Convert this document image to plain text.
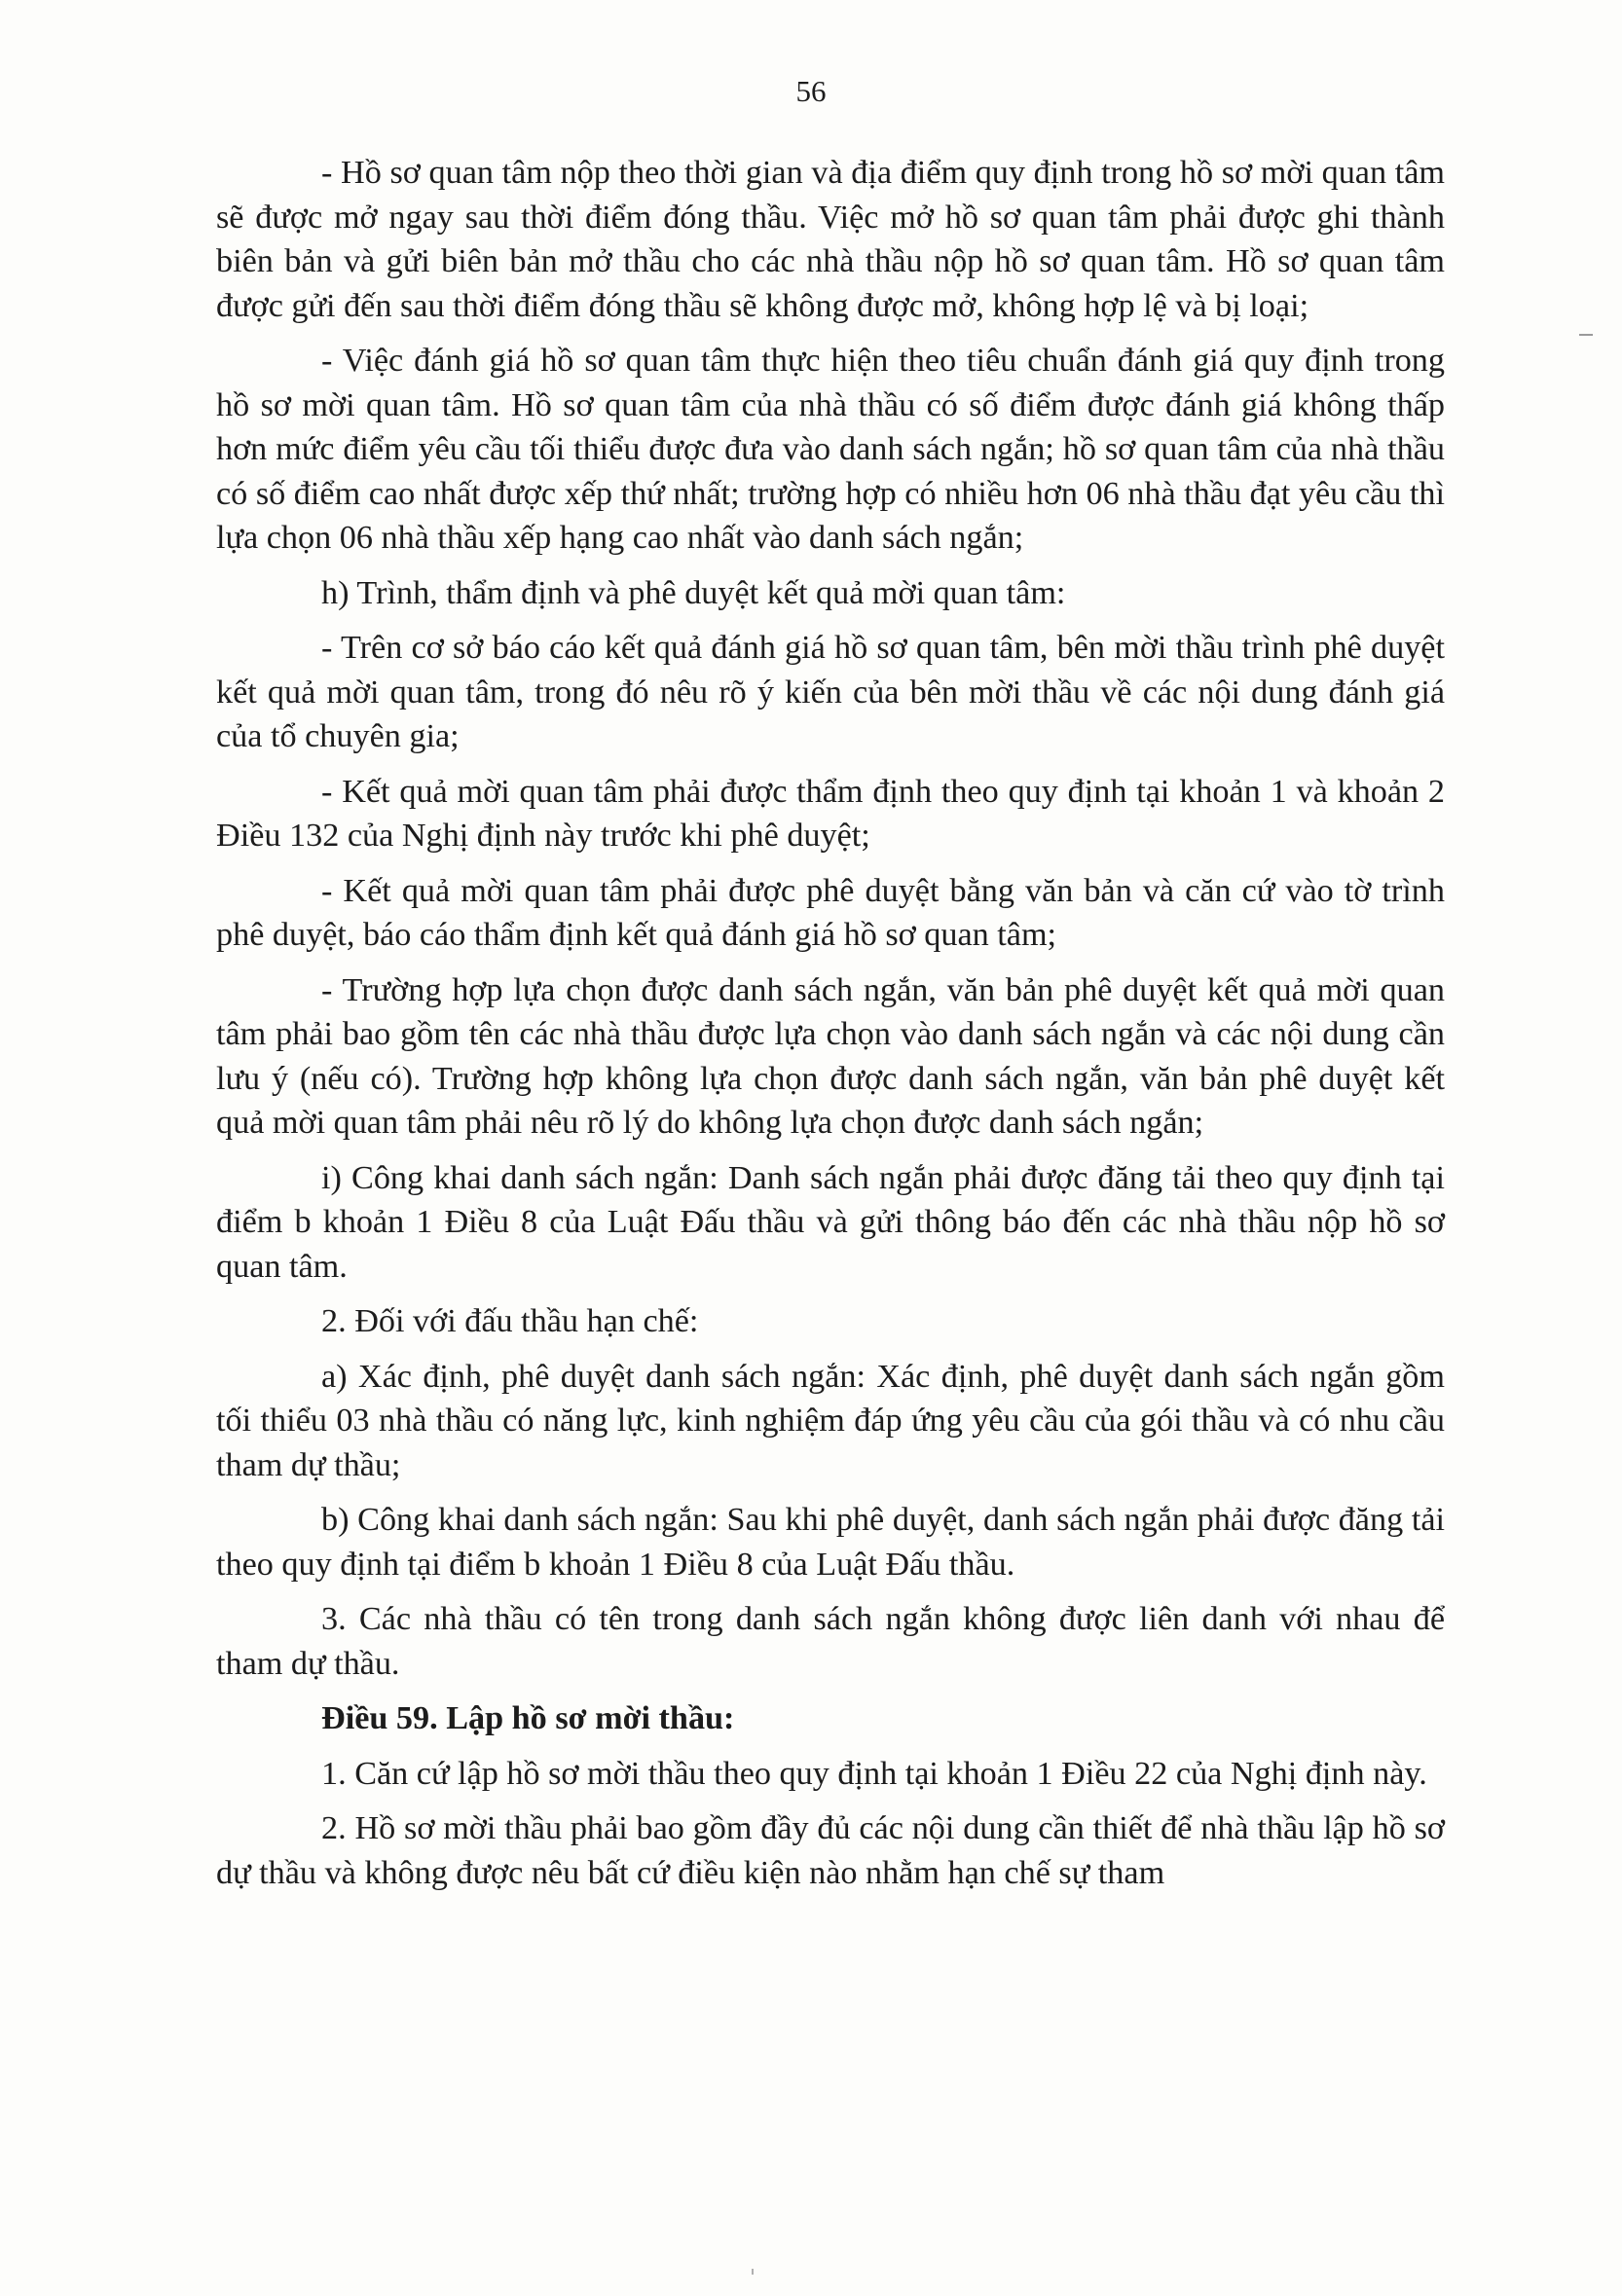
56

- Hồ sơ quan tâm nộp theo thời gian và địa điểm quy định trong hồ sơ mời quan tâm sẽ được mở ngay sau thời điểm đóng thầu. Việc mở hồ sơ quan tâm phải được ghi thành biên bản và gửi biên bản mở thầu cho các nhà thầu nộp hồ sơ quan tâm. Hồ sơ quan tâm được gửi đến sau thời điểm đóng thầu sẽ không được mở, không hợp lệ và bị loại;

- Việc đánh giá hồ sơ quan tâm thực hiện theo tiêu chuẩn đánh giá quy định trong hồ sơ mời quan tâm. Hồ sơ quan tâm của nhà thầu có số điểm được đánh giá không thấp hơn mức điểm yêu cầu tối thiểu được đưa vào danh sách ngắn; hồ sơ quan tâm của nhà thầu có số điểm cao nhất được xếp thứ nhất; trường hợp có nhiều hơn 06 nhà thầu đạt yêu cầu thì lựa chọn 06 nhà thầu xếp hạng cao nhất vào danh sách ngắn;

h) Trình, thẩm định và phê duyệt kết quả mời quan tâm:

- Trên cơ sở báo cáo kết quả đánh giá hồ sơ quan tâm, bên mời thầu trình phê duyệt kết quả mời quan tâm, trong đó nêu rõ ý kiến của bên mời thầu về các nội dung đánh giá của tổ chuyên gia;

- Kết quả mời quan tâm phải được thẩm định theo quy định tại khoản 1 và khoản 2 Điều 132 của Nghị định này trước khi phê duyệt;

- Kết quả mời quan tâm phải được phê duyệt bằng văn bản và căn cứ vào tờ trình phê duyệt, báo cáo thẩm định kết quả đánh giá hồ sơ quan tâm;

- Trường hợp lựa chọn được danh sách ngắn, văn bản phê duyệt kết quả mời quan tâm phải bao gồm tên các nhà thầu được lựa chọn vào danh sách ngắn và các nội dung cần lưu ý (nếu có). Trường hợp không lựa chọn được danh sách ngắn, văn bản phê duyệt kết quả mời quan tâm phải nêu rõ lý do không lựa chọn được danh sách ngắn;

i) Công khai danh sách ngắn: Danh sách ngắn phải được đăng tải theo quy định tại điểm b khoản 1 Điều 8 của Luật Đấu thầu và gửi thông báo đến các nhà thầu nộp hồ sơ quan tâm.

2. Đối với đấu thầu hạn chế:

a) Xác định, phê duyệt danh sách ngắn: Xác định, phê duyệt danh sách ngắn gồm tối thiểu 03 nhà thầu có năng lực, kinh nghiệm đáp ứng yêu cầu của gói thầu và có nhu cầu tham dự thầu;

b) Công khai danh sách ngắn: Sau khi phê duyệt, danh sách ngắn phải được đăng tải theo quy định tại điểm b khoản 1 Điều 8 của Luật Đấu thầu.

3. Các nhà thầu có tên trong danh sách ngắn không được liên danh với nhau để tham dự thầu.

Điều 59. Lập hồ sơ mời thầu:

1. Căn cứ lập hồ sơ mời thầu theo quy định tại khoản 1 Điều 22 của Nghị định này.

2. Hồ sơ mời thầu phải bao gồm đầy đủ các nội dung cần thiết để nhà thầu lập hồ sơ dự thầu và không được nêu bất cứ điều kiện nào nhằm hạn chế sự tham
